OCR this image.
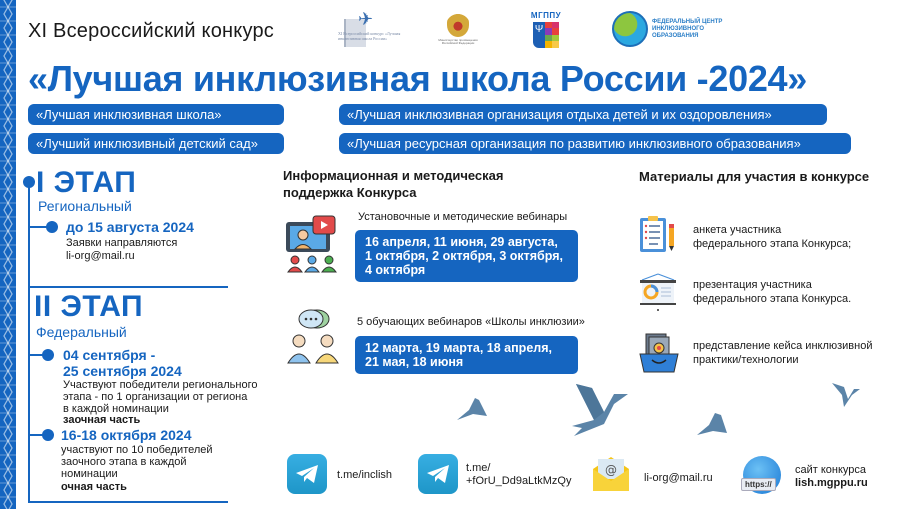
XI Всероссийский конкурс
✈
XI Всероссийский конкурс «Лучшая инклюзивная школа России»	Министерство просвещения Российской Федерации
МГППУ
Ψ
ФЕДЕРАЛЬНЫЙ ЦЕНТР
ИНКЛЮЗИВНОГО
ОБРАЗОВАНИЯ
«Лучшая инклюзивная школа России -2024»
«Лучшая инклюзивная школа»
«Лучший инклюзивный детский сад»
«Лучшая инклюзивная организация отдыха детей и их оздоровления»
«Лучшая ресурсная организация по развитию инклюзивного образования»
I ЭТАП
Региональный
до 15 августа 2024
Заявки направляются
li-org@mail.ru
II ЭТАП
Федеральный
04 сентября -
25 сентября 2024
Участвуют победители регионального
этапа - по 1 организации от региона
в каждой номинации
заочная часть
16-18 октября 2024
участвуют по 10 победителей
заочного этапа в каждой
номинации
очная часть
Информационная и методическая
поддержка Конкурса
Установочные и методические вебинары
16 апреля, 11 июня, 29 августа,
1 октября, 2 октября, 3 октября,
4 октября
5 обучающих вебинаров «Школы инклюзии»
12 марта, 19 марта, 18 апреля,
21 мая, 18 июня
Материалы для участия в конкурсе
анкета участника
федерального этапа Конкурса;
презентация участника
федерального этапа Конкурса.
представление кейса инклюзивной
практики/технологии
t.me/inclish
t.me/
+fOrU_Dd9aLtkMzQy
@
li-org@mail.ru
https://
сайт конкурса
lish.mgppu.ru
